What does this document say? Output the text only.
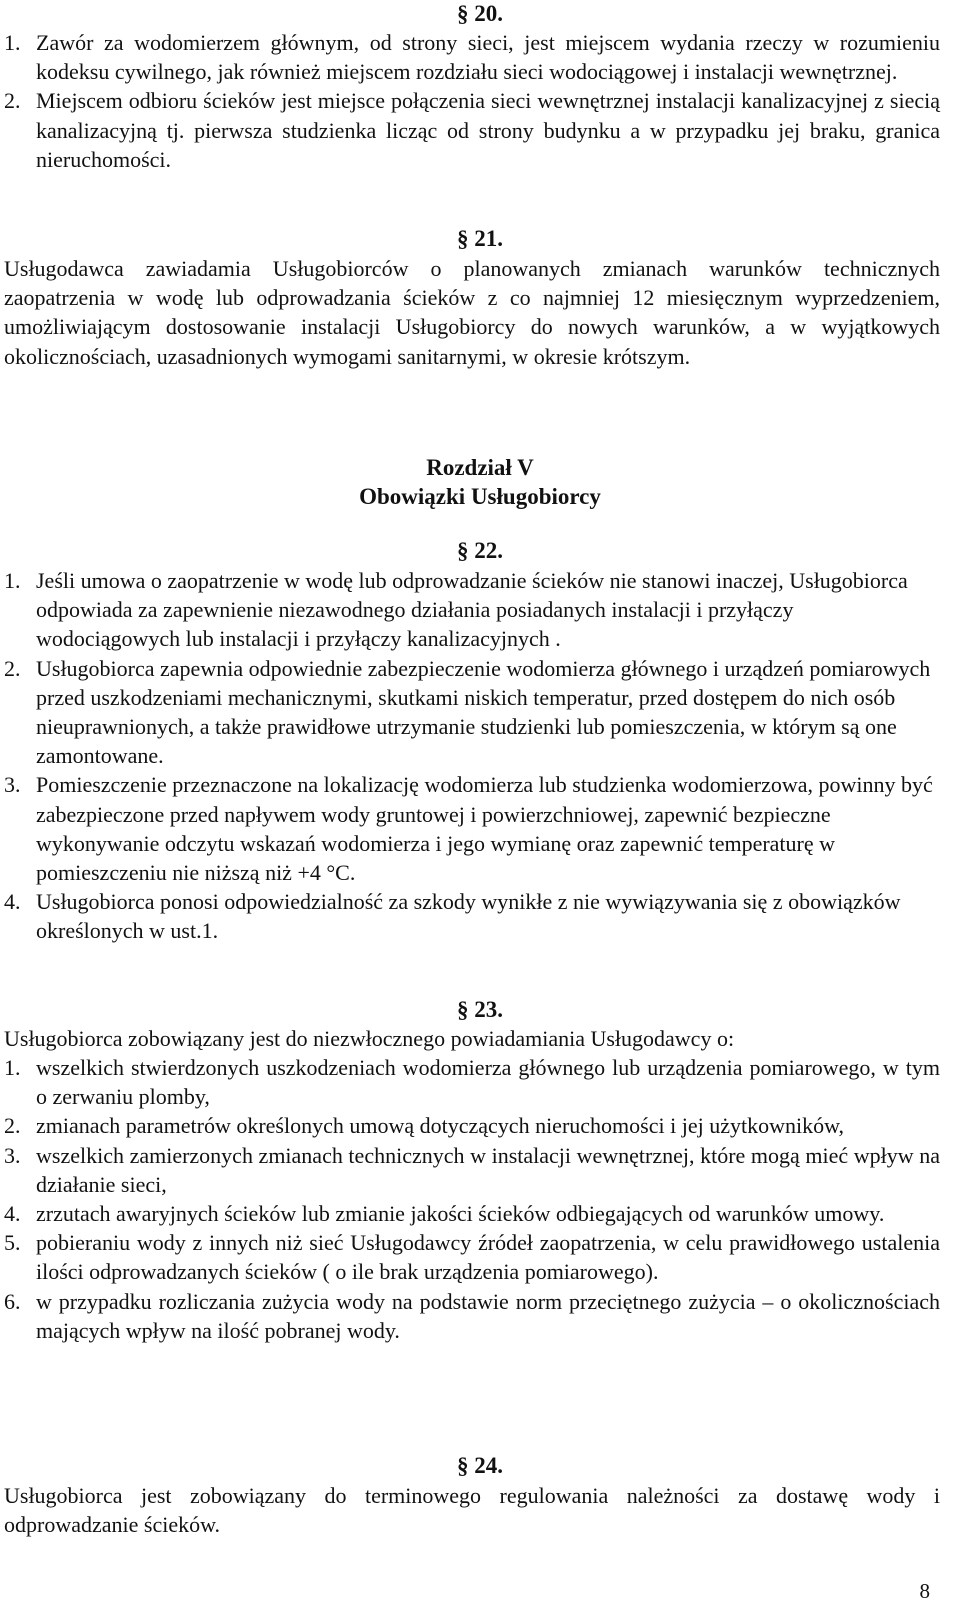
§ 20.
1. Zawór za wodomierzem głównym, od strony sieci, jest miejscem wydania rzeczy w rozumieniu kodeksu cywilnego, jak również miejscem rozdziału sieci wodociągowej i instalacji wewnętrznej.
2. Miejscem odbioru ścieków jest miejsce połączenia sieci wewnętrznej instalacji kanalizacyjnej z siecią kanalizacyjną tj. pierwsza studzienka licząc od strony budynku a w przypadku jej braku, granica nieruchomości.
§ 21.

Usługodawca zawiadamia Usługobiorców o planowanych zmianach warunków technicznych zaopatrzenia w wodę lub odprowadzania ścieków z co najmniej 12 miesięcznym wyprzedzeniem, umożliwiającym dostosowanie instalacji Usługobiorcy do nowych warunków, a w wyjątkowych okolicznościach, uzasadnionych wymogami sanitarnymi, w okresie krótszym.

Rozdział V
Obowiązki Usługobiorcy
§ 22.
1. Jeśli umowa o zaopatrzenie w wodę lub odprowadzanie ścieków nie stanowi inaczej, Usługobiorca odpowiada za zapewnienie niezawodnego działania posiadanych instalacji i przyłączy wodociągowych lub instalacji i przyłączy kanalizacyjnych .
2. Usługobiorca zapewnia odpowiednie zabezpieczenie wodomierza głównego i urządzeń pomiarowych przed uszkodzeniami mechanicznymi, skutkami niskich temperatur, przed dostępem do nich osób nieuprawnionych, a także prawidłowe utrzymanie studzienki lub pomieszczenia, w którym są one zamontowane.
3. Pomieszczenie przeznaczone na lokalizację wodomierza lub studzienka wodomierzowa, powinny być zabezpieczone przed napływem wody gruntowej i powierzchniowej, zapewnić bezpieczne wykonywanie odczytu wskazań wodomierza i jego wymianę oraz zapewnić temperaturę w pomieszczeniu nie niższą niż +4 °C.
4. Usługobiorca ponosi odpowiedzialność za szkody wynikłe z nie wywiązywania się z obowiązków określonych w ust.1.
§ 23.

Usługobiorca zobowiązany jest do niezwłocznego powiadamiania Usługodawcy o:

1. wszelkich stwierdzonych uszkodzeniach wodomierza głównego lub urządzenia pomiarowego, w tym o zerwaniu plomby,
2. zmianach parametrów określonych umową dotyczących nieruchomości i jej użytkowników,
3. wszelkich zamierzonych zmianach technicznych w instalacji wewnętrznej, które mogą mieć wpływ na działanie sieci,
4. zrzutach awaryjnych ścieków lub zmianie jakości ścieków odbiegających od warunków umowy.
5. pobieraniu wody z innych niż sieć Usługodawcy źródeł zaopatrzenia, w celu prawidłowego ustalenia ilości odprowadzanych ścieków ( o ile brak urządzenia pomiarowego).
6. w przypadku rozliczania zużycia wody na podstawie norm przeciętnego zużycia – o okolicznościach mających wpływ na ilość pobranej wody.
§ 24.

Usługobiorca jest zobowiązany do terminowego regulowania należności za dostawę wody i odprowadzanie ścieków.

8
